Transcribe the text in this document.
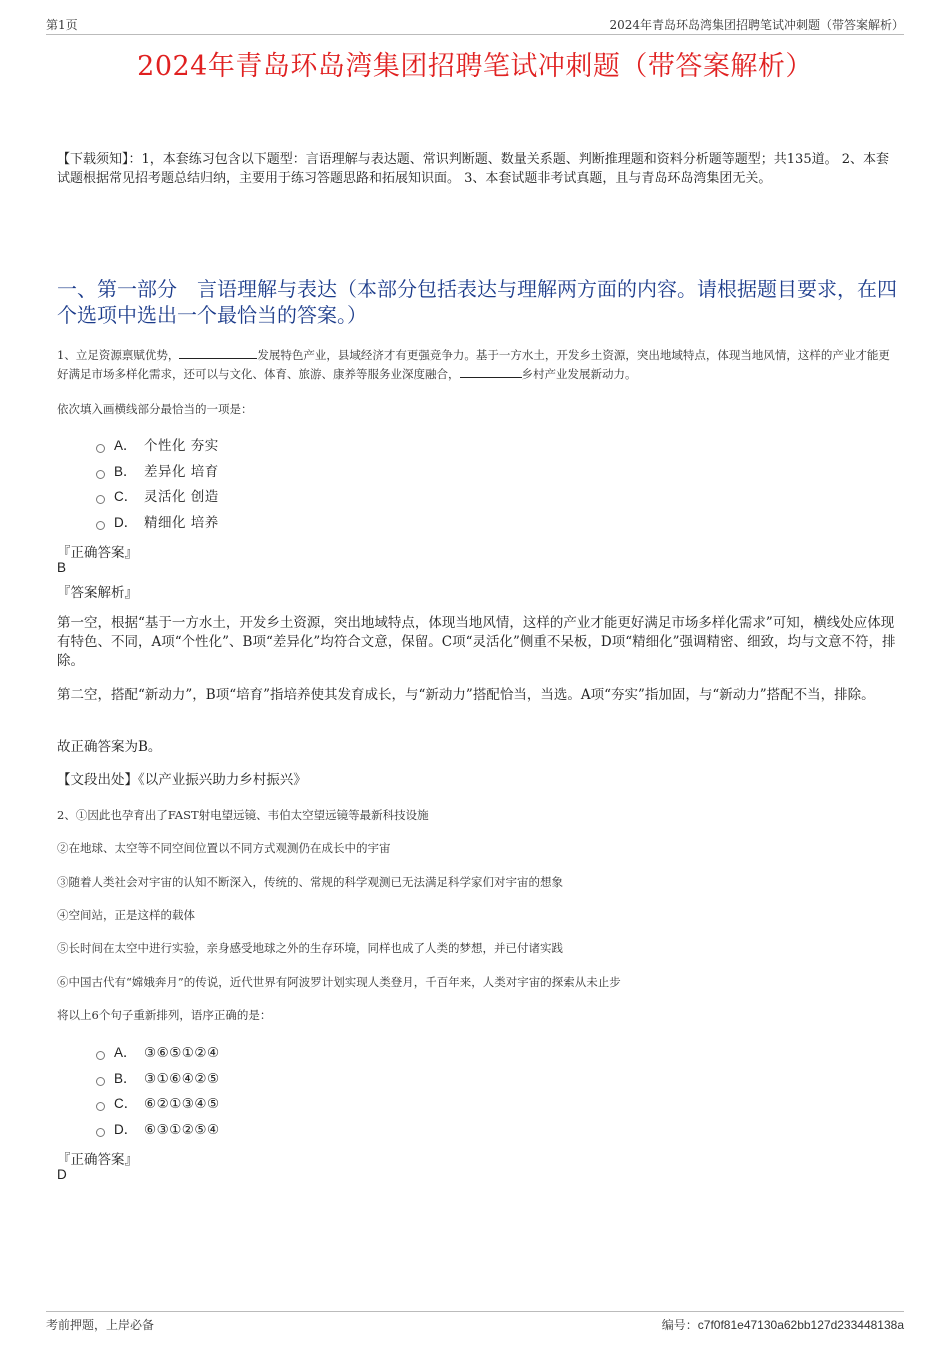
第1页	2024年青岛环岛湾集团招聘笔试冲刺题（带答案解析）
2024年青岛环岛湾集团招聘笔试冲刺题（带答案解析）
【下载须知】：1，本套练习包含以下题型：言语理解与表达题、常识判断题、数量关系题、判断推理题和资料分析题等题型；共135道。 2、本套试题根据常见招考题总结归纳，主要用于练习答题思路和拓展知识面。 3、本套试题非考试真题，且与青岛环岛湾集团无关。
一、第一部分　言语理解与表达（本部分包括表达与理解两方面的内容。请根据题目要求，在四个选项中选出一个最恰当的答案。）
1、立足资源禀赋优势，	发展特色产业，县域经济才有更强竞争力。基于一方水土，开发乡土资源，突出地域特点，体现当地风情，这样的产业才能更好满足市场多样化需求，还可以与文化、体育、旅游、康养等服务业深度融合，	乡村产业发展新动力。
依次填入画横线部分最恰当的一项是：
A． 个性化 夯实
B． 差异化 培育
C． 灵活化 创造
D． 精细化 培养
『正确答案』
B
『答案解析』
第一空，根据“基于一方水土，开发乡土资源，突出地域特点，体现当地风情，这样的产业才能更好满足市场多样化需求”可知，横线处应体现有特色、不同，A项“个性化”、B项“差异化”均符合文意，保留。C项“灵活化”侧重不呆板，D项“精细化”强调精密、细致，均与文意不符，排除。
第二空，搭配“新动力”，B项“培育”指培养使其发育成长，与“新动力”搭配恰当，当选。A项“夯实”指加固，与“新动力”搭配不当，排除。
故正确答案为B。
【文段出处】《以产业振兴助力乡村振兴》
2、①因此也孕育出了FAST射电望远镜、韦伯太空望远镜等最新科技设施
②在地球、太空等不同空间位置以不同方式观测仍在成长中的宇宙
③随着人类社会对宇宙的认知不断深入，传统的、常规的科学观测已无法满足科学家们对宇宙的想象
④空间站，正是这样的载体
⑤长时间在太空中进行实验，亲身感受地球之外的生存环境，同样也成了人类的梦想，并已付诸实践
⑥中国古代有“嫦娥奔月”的传说，近代世界有阿波罗计划实现人类登月，千百年来，人类对宇宙的探索从未止步
将以上6个句子重新排列，语序正确的是：
A． ③⑥⑤①②④
B． ③①⑥④②⑤
C． ⑥②①③④⑤
D． ⑥③①②⑤④
『正确答案』
D
考前押题，上岸必备	编号：c7f0f81e47130a62bb127d233448138a
